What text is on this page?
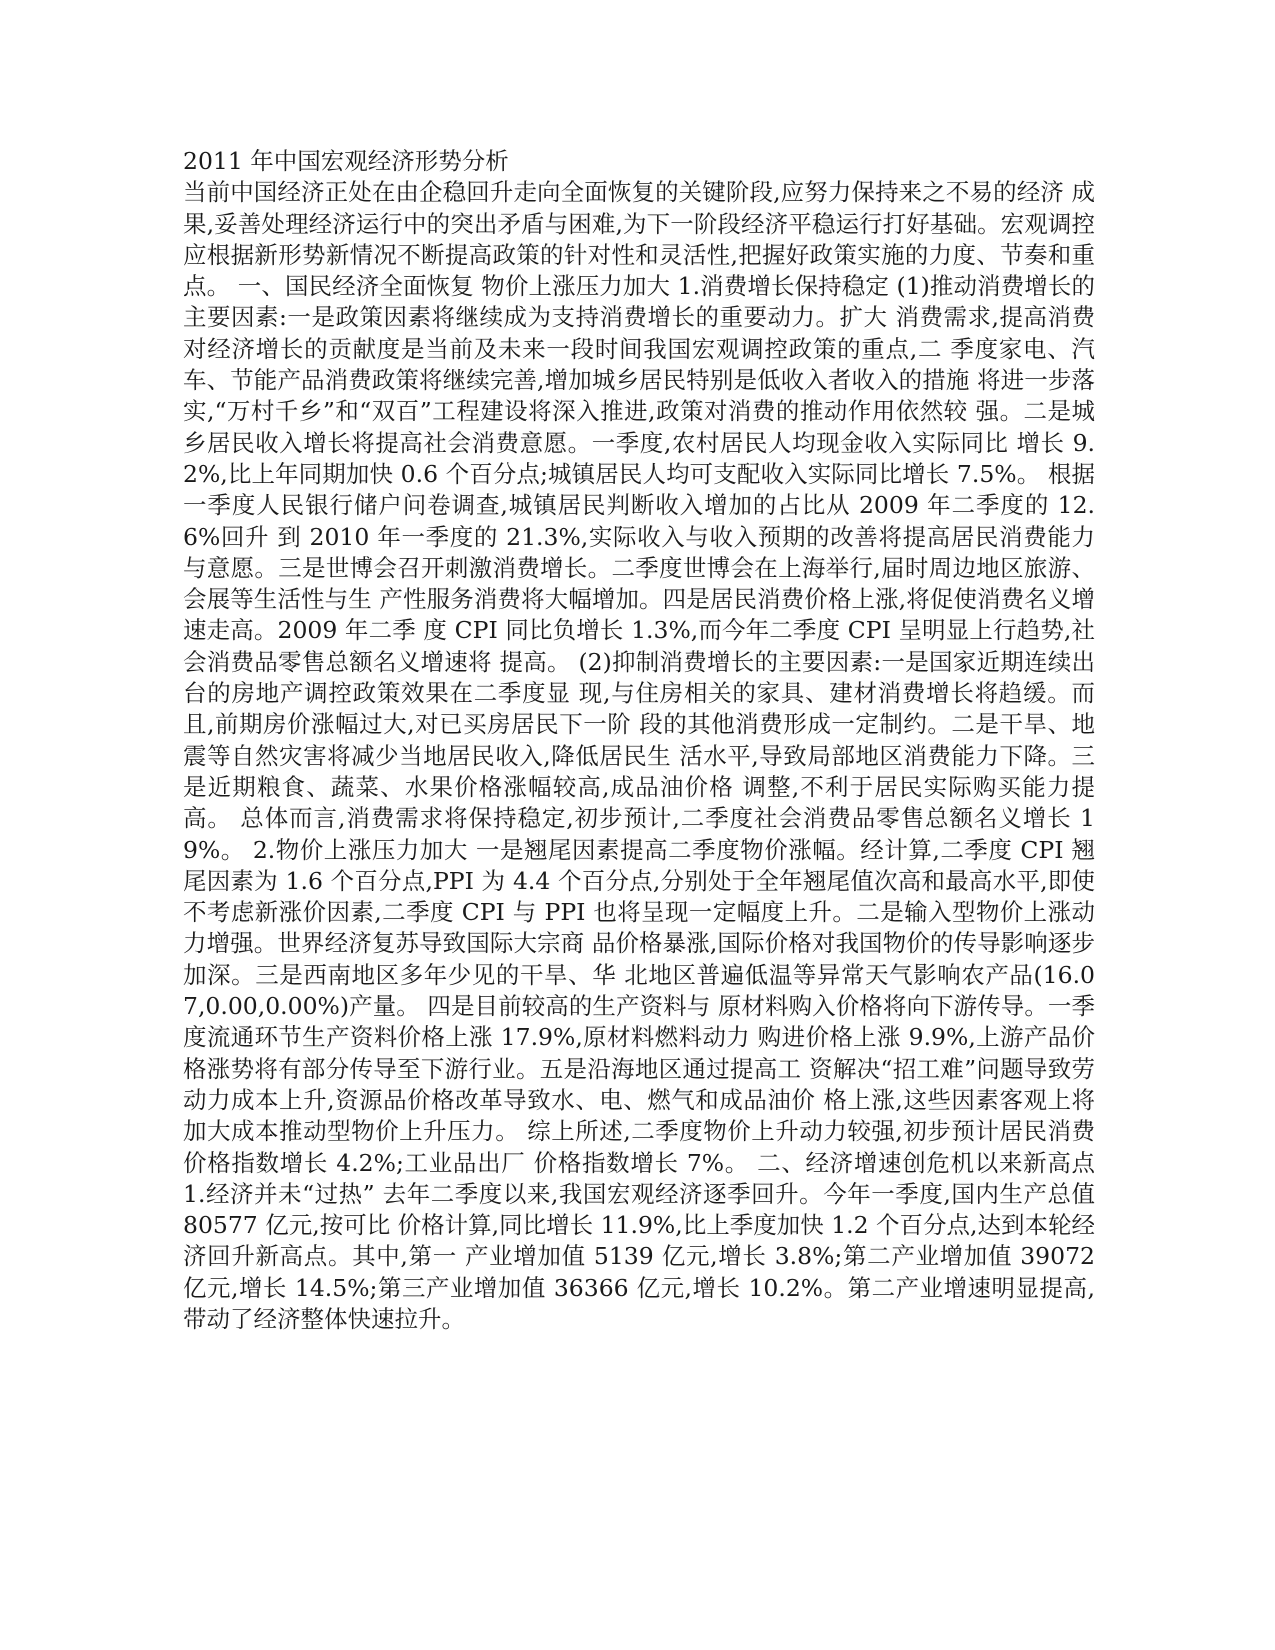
2011 年中国宏观经济形势分析

当前中国经济正处在由企稳回升走向全面恢复的关键阶段,应努力保持来之不易的经济 成果,妥善处理经济运行中的突出矛盾与困难,为下一阶段经济平稳运行打好基础。宏观调控 应根据新形势新情况不断提高政策的针对性和灵活性,把握好政策实施的力度、节奏和重点。 一、国民经济全面恢复 物价上涨压力加大 1.消费增长保持稳定 (1)推动消费增长的主要因素:一是政策因素将继续成为支持消费增长的重要动力。扩大 消费需求,提高消费对经济增长的贡献度是当前及未来一段时间我国宏观调控政策的重点,二 季度家电、汽车、节能产品消费政策将继续完善,增加城乡居民特别是低收入者收入的措施 将进一步落实,“万村千乡”和“双百”工程建设将深入推进,政策对消费的推动作用依然较 强。二是城乡居民收入增长将提高社会消费意愿。一季度,农村居民人均现金收入实际同比 增长 9.2%,比上年同期加快 0.6 个百分点;城镇居民人均可支配收入实际同比增长 7.5%。 根据 一季度人民银行储户问卷调查,城镇居民判断收入增加的占比从 2009 年二季度的 12.6%回升 到 2010 年一季度的 21.3%,实际收入与收入预期的改善将提高居民消费能力与意愿。三是世博会召开刺激消费增长。二季度世博会在上海举行,届时周边地区旅游、会展等生活性与生 产性服务消费将大幅增加。四是居民消费价格上涨,将促使消费名义增速走高。2009 年二季 度 CPI 同比负增长 1.3%,而今年二季度 CPI 呈明显上行趋势,社会消费品零售总额名义增速将 提高。 (2)抑制消费增长的主要因素:一是国家近期连续出台的房地产调控政策效果在二季度显 现,与住房相关的家具、建材消费增长将趋缓。而且,前期房价涨幅过大,对已买房居民下一阶 段的其他消费形成一定制约。二是干旱、地震等自然灾害将减少当地居民收入,降低居民生 活水平,导致局部地区消费能力下降。三是近期粮食、蔬菜、水果价格涨幅较高,成品油价格 调整,不利于居民实际购买能力提高。 总体而言,消费需求将保持稳定,初步预计,二季度社会消费品零售总额名义增长 19%。 2.物价上涨压力加大 一是翘尾因素提高二季度物价涨幅。经计算,二季度 CPI 翘尾因素为 1.6 个百分点,PPI 为 4.4 个百分点,分别处于全年翘尾值次高和最高水平,即使不考虑新涨价因素,二季度 CPI 与 PPI 也将呈现一定幅度上升。二是输入型物价上涨动力增强。世界经济复苏导致国际大宗商 品价格暴涨,国际价格对我国物价的传导影响逐步加深。三是西南地区多年少见的干旱、华 北地区普遍低温等异常天气影响农产品(16.07,0.00,0.00%)产量。 四是目前较高的生产资料与 原材料购入价格将向下游传导。一季度流通环节生产资料价格上涨 17.9%,原材料燃料动力 购进价格上涨 9.9%,上游产品价格涨势将有部分传导至下游行业。五是沿海地区通过提高工 资解决“招工难”问题导致劳动力成本上升,资源品价格改革导致水、电、燃气和成品油价 格上涨,这些因素客观上将加大成本推动型物价上升压力。 综上所述,二季度物价上升动力较强,初步预计居民消费价格指数增长 4.2%;工业品出厂 价格指数增长 7%。 二、经济增速创危机以来新高点 1.经济并未“过热” 去年二季度以来,我国宏观经济逐季回升。今年一季度,国内生产总值 80577 亿元,按可比 价格计算,同比增长 11.9%,比上季度加快 1.2 个百分点,达到本轮经济回升新高点。其中,第一 产业增加值 5139 亿元,增长 3.8%;第二产业增加值 39072 亿元,增长 14.5%;第三产业增加值 36366 亿元,增长 10.2%。第二产业增速明显提高,带动了经济整体快速拉升。
